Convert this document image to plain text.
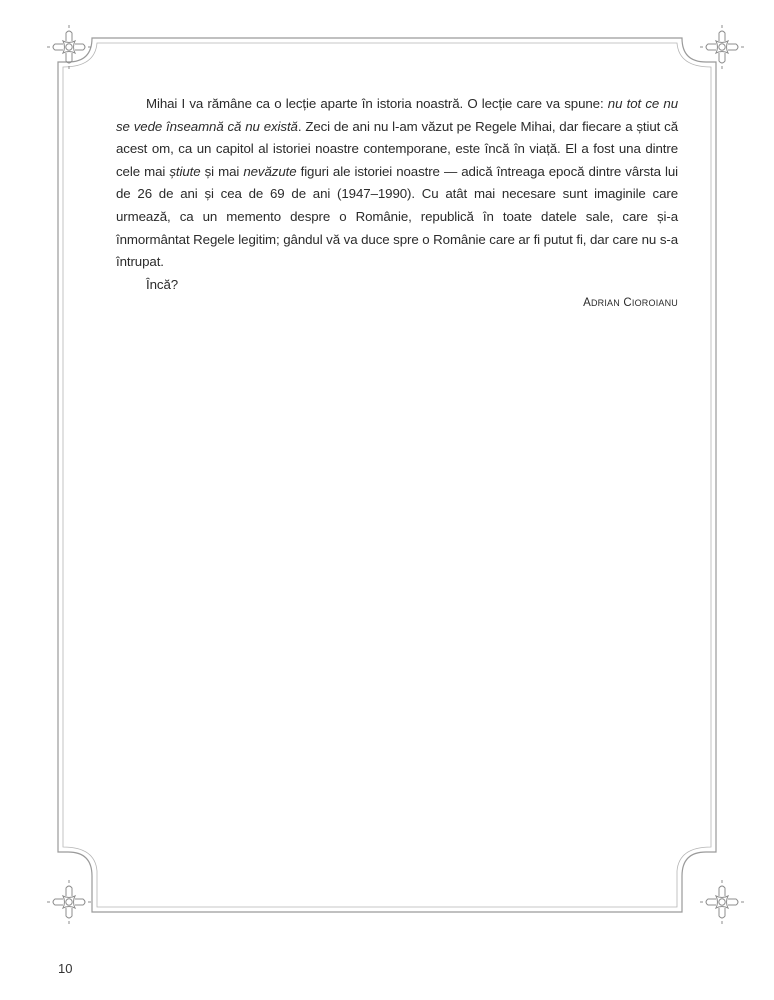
Mihai I va rămâne ca o lecție aparte în istoria noastră. O lecție care va spune: nu tot ce nu se vede înseamnă că nu există. Zeci de ani nu l-am văzut pe Regele Mihai, dar fiecare a știut că acest om, ca un capitol al istoriei noastre contemporane, este încă în viață. El a fost una dintre cele mai știute și mai nevăzute figuri ale istoriei noastre — adică întreaga epocă dintre vârsta lui de 26 de ani și cea de 69 de ani (1947–1990). Cu atât mai necesare sunt imaginile care urmează, ca un memento despre o Românie, republică în toate datele sale, care și-a înmormântat Regele legitim; gândul vă va duce spre o Românie care ar fi putut fi, dar care nu s-a întrupat.

Încă?

ADRIAN CIOROIANU
10
